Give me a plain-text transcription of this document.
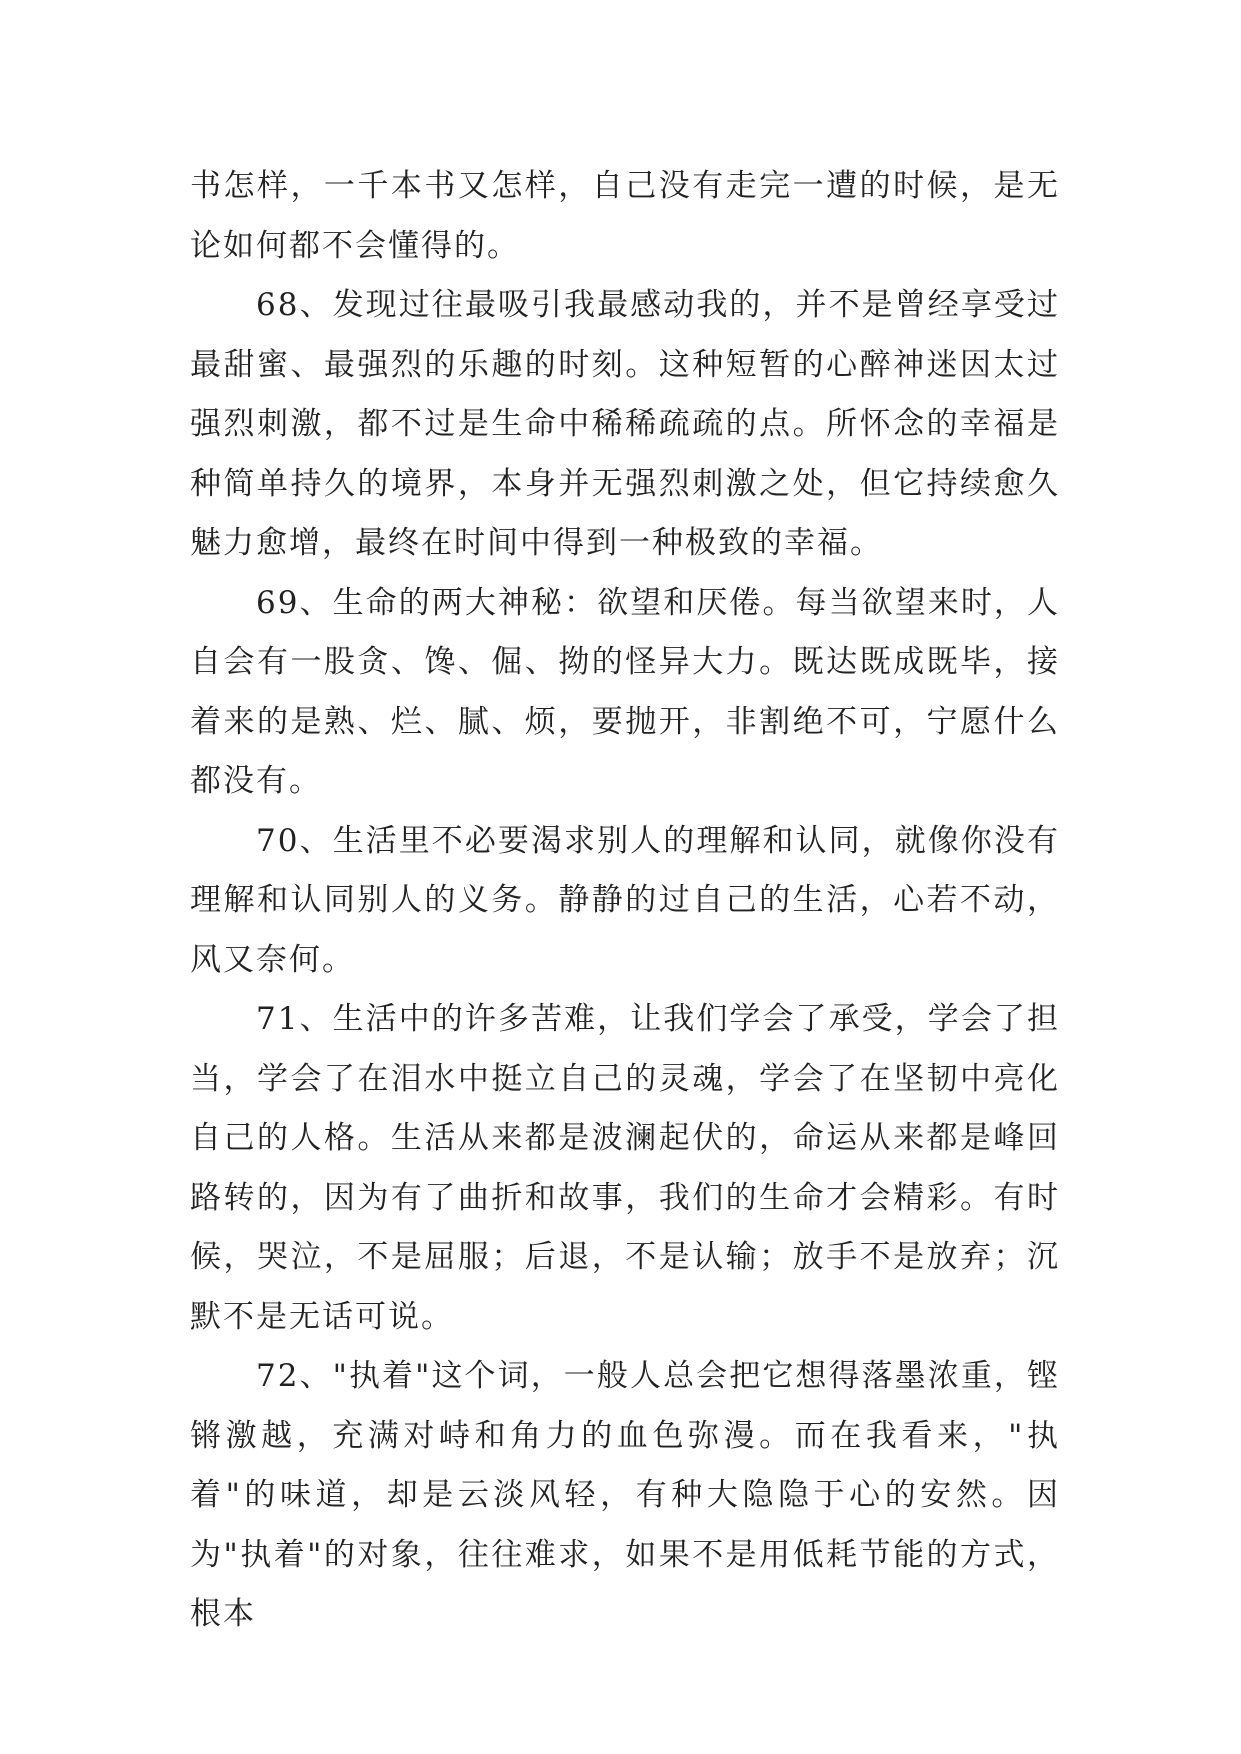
书怎样，一千本书又怎样，自己没有走完一遭的时候，是无论如何都不会懂得的。

68、发现过往最吸引我最感动我的，并不是曾经享受过最甜蜜、最强烈的乐趣的时刻。这种短暂的心醉神迷因太过强烈刺激，都不过是生命中稀稀疏疏的点。所怀念的幸福是种简单持久的境界，本身并无强烈刺激之处，但它持续愈久魅力愈增，最终在时间中得到一种极致的幸福。

69、生命的两大神秘：欲望和厌倦。每当欲望来时，人自会有一股贪、馋、倔、拗的怪异大力。既达既成既毕，接着来的是熟、烂、腻、烦，要抛开，非割绝不可，宁愿什么都没有。

70、生活里不必要渴求别人的理解和认同，就像你没有理解和认同别人的义务。静静的过自己的生活，心若不动，风又奈何。

71、生活中的许多苦难，让我们学会了承受，学会了担当，学会了在泪水中挺立自己的灵魂，学会了在坚韧中亮化自己的人格。生活从来都是波澜起伏的，命运从来都是峰回路转的，因为有了曲折和故事，我们的生命才会精彩。有时候，哭泣，不是屈服；后退，不是认输；放手不是放弃；沉默不是无话可说。

72、"执着"这个词，一般人总会把它想得落墨浓重，铿锵激越，充满对峙和角力的血色弥漫。而在我看来，"执着"的味道，却是云淡风轻，有种大隐隐于心的安然。因为"执着"的对象，往往难求，如果不是用低耗节能的方式，根本
